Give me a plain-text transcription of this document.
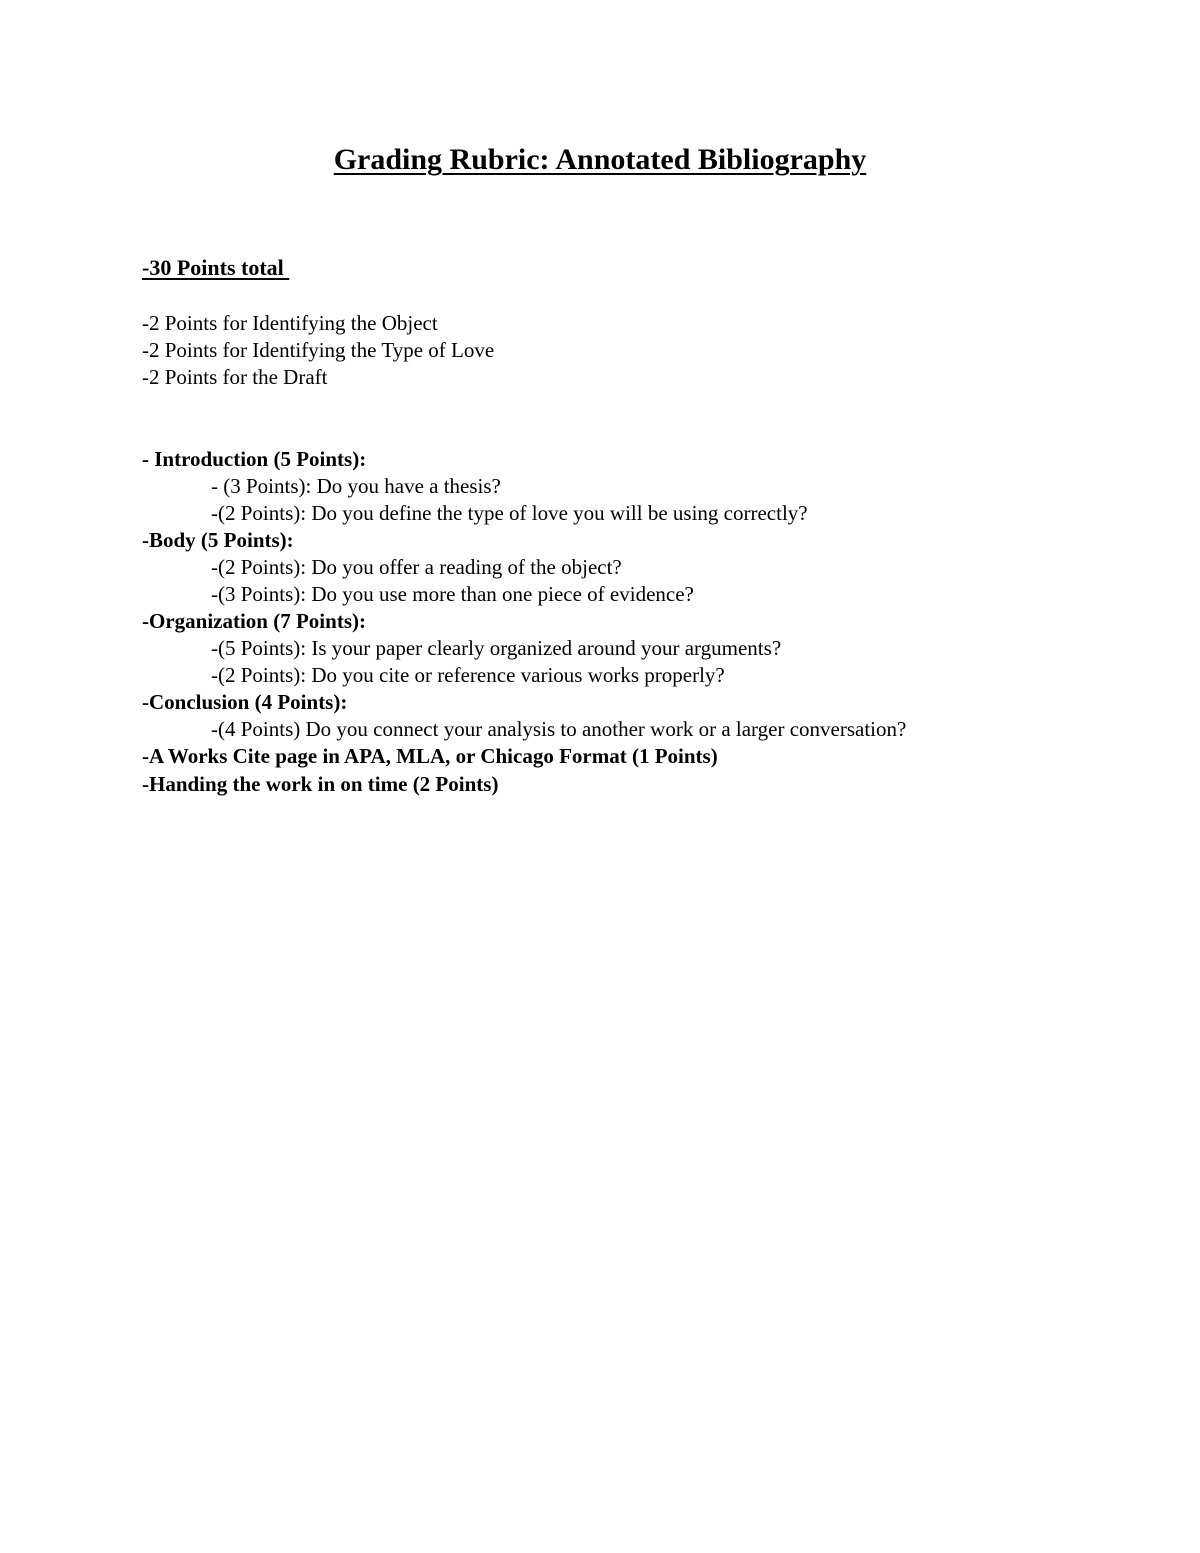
Grading Rubric: Annotated Bibliography
-30 Points total
-2 Points for Identifying the Object
-2 Points for Identifying the Type of Love
-2 Points for the Draft
- Introduction (5 Points):
- (3 Points): Do you have a thesis?
-(2 Points): Do you define the type of love you will be using correctly?
-Body (5 Points):
-(2 Points): Do you offer a reading of the object?
-(3 Points): Do you use more than one piece of evidence?
-Organization (7 Points):
-(5 Points): Is your paper clearly organized around your arguments?
-(2 Points): Do you cite or reference various works properly?
-Conclusion (4 Points):
-(4 Points) Do you connect your analysis to another work or a larger conversation?
-A Works Cite page in APA, MLA, or Chicago Format (1 Points)
-Handing the work in on time (2 Points)
